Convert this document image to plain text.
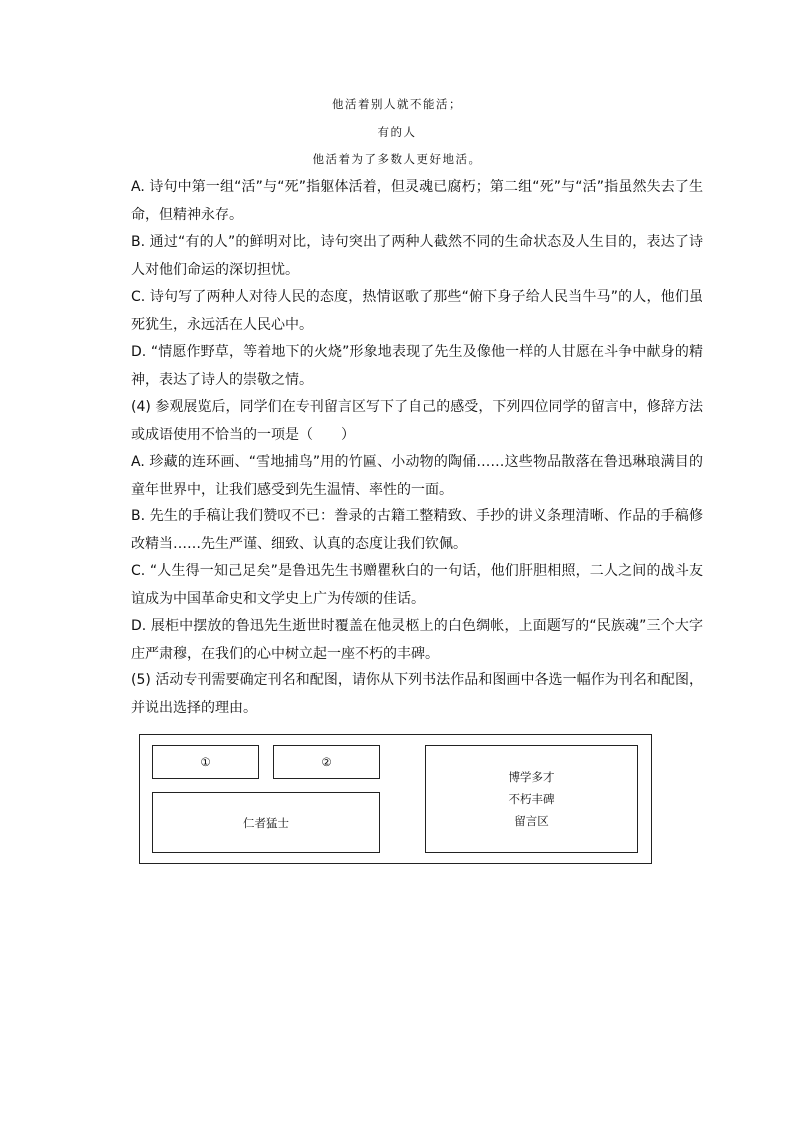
他活着别人就不能活；
有的人
他活着为了多数人更好地活。

A. 诗句中第一组“活”与“死”指躯体活着，但灵魂已腐朽；第二组“死”与“活”指虽然失去了生命，但精神永存。

B. 通过“有的人”的鲜明对比，诗句突出了两种人截然不同的生命状态及人生目的，表达了诗人对他们命运的深切担忧。

C. 诗句写了两种人对待人民的态度，热情讴歌了那些“俯下身子给人民当牛马”的人，他们虽死犹生，永远活在人民心中。

D. “情愿作野草，等着地下的火烧”形象地表现了先生及像他一样的人甘愿在斗争中献身的精神，表达了诗人的崇敬之情。

(4) 参观展览后，同学们在专刊留言区写下了自己的感受，下列四位同学的留言中，修辞方法或成语使用不恰当的一项是（　　）

A. 珍藏的连环画、“雪地捕鸟”用的竹匾、小动物的陶俑……这些物品散落在鲁迅琳琅满目的童年世界中，让我们感受到先生温情、率性的一面。

B. 先生的手稿让我们赞叹不已：誊录的古籍工整精致、手抄的讲义条理清晰、作品的手稿修改精当……先生严谨、细致、认真的态度让我们钦佩。

C. “人生得一知己足矣”是鲁迅先生书赠瞿秋白的一句话，他们肝胆相照，二人之间的战斗友谊成为中国革命史和文学史上广为传颂的佳话。

D. 展柜中摆放的鲁迅先生逝世时覆盖在他灵柩上的白色绸帐，上面题写的“民族魂”三个大字庄严肃穆，在我们的心中树立起一座不朽的丰碑。

(5) 活动专刊需要确定刊名和配图，请你从下列书法作品和图画中各选一幅作为刊名和配图，并说出选择的理由。

①	②
仁者猛士
博学多才
不朽丰碑
留言区
